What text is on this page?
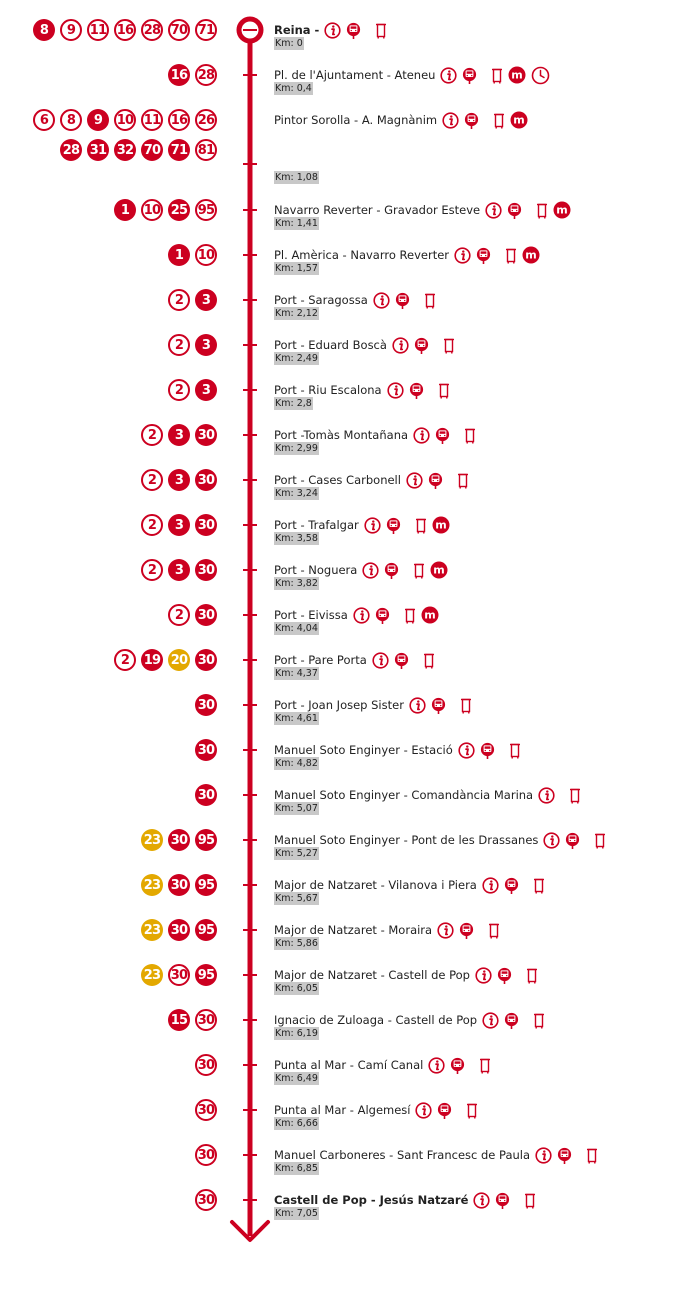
8	9	11 16 28 70 71	Reina -
Km: 0
16 28	Pl. de l'Ajuntament - Ateneu	m
Km: 0,4
6	8	9	10 11 16 26
28 31 32 70 71 81
Pintor Sorolla - A. Magnànim	m
Km: 1,08
1	10 25 95	Navarro Reverter - Gravador Esteve	m
Km: 1,41
1	10	Pl. Amèrica - Navarro Reverter	m
Km: 1,57
2	3	Port - Saragossa
Km: 2,12
2	3	Port - Eduard Boscà
Km: 2,49
2	3	Port - Riu Escalona
Km: 2,8
2	3	30	Port -Tomàs Montañana
Km: 2,99
2	3	30	Port - Cases Carbonell
Km: 3,24
2	3	30	Port - Trafalgar	m
Km: 3,58
2	3	30	Port - Noguera	m
Km: 3,82
2	30	Port - Eivissa	m
Km: 4,04
2	19 20 30	Port - Pare Porta
Km: 4,37
30	Port - Joan Josep Sister
Km: 4,61
30	Manuel Soto Enginyer - Estació
Km: 4,82
30	Manuel Soto Enginyer - Comandància Marina
Km: 5,07
23 30 95	Manuel Soto Enginyer - Pont de les Drassanes
Km: 5,27
23 30 95	Major de Natzaret - Vilanova i Piera
Km: 5,67
23 30 95	Major de Natzaret - Moraira
Km: 5,86
23 30 95	Major de Natzaret - Castell de Pop
Km: 6,05
15 30	Ignacio de Zuloaga - Castell de Pop
Km: 6,19
30	Punta al Mar - Camí Canal
Km: 6,49
30	Punta al Mar - Algemesí
Km: 6,66
30	Manuel Carboneres - Sant Francesc de Paula
Km: 6,85
30	Castell de Pop - Jesús Natzaré
Km: 7,05
